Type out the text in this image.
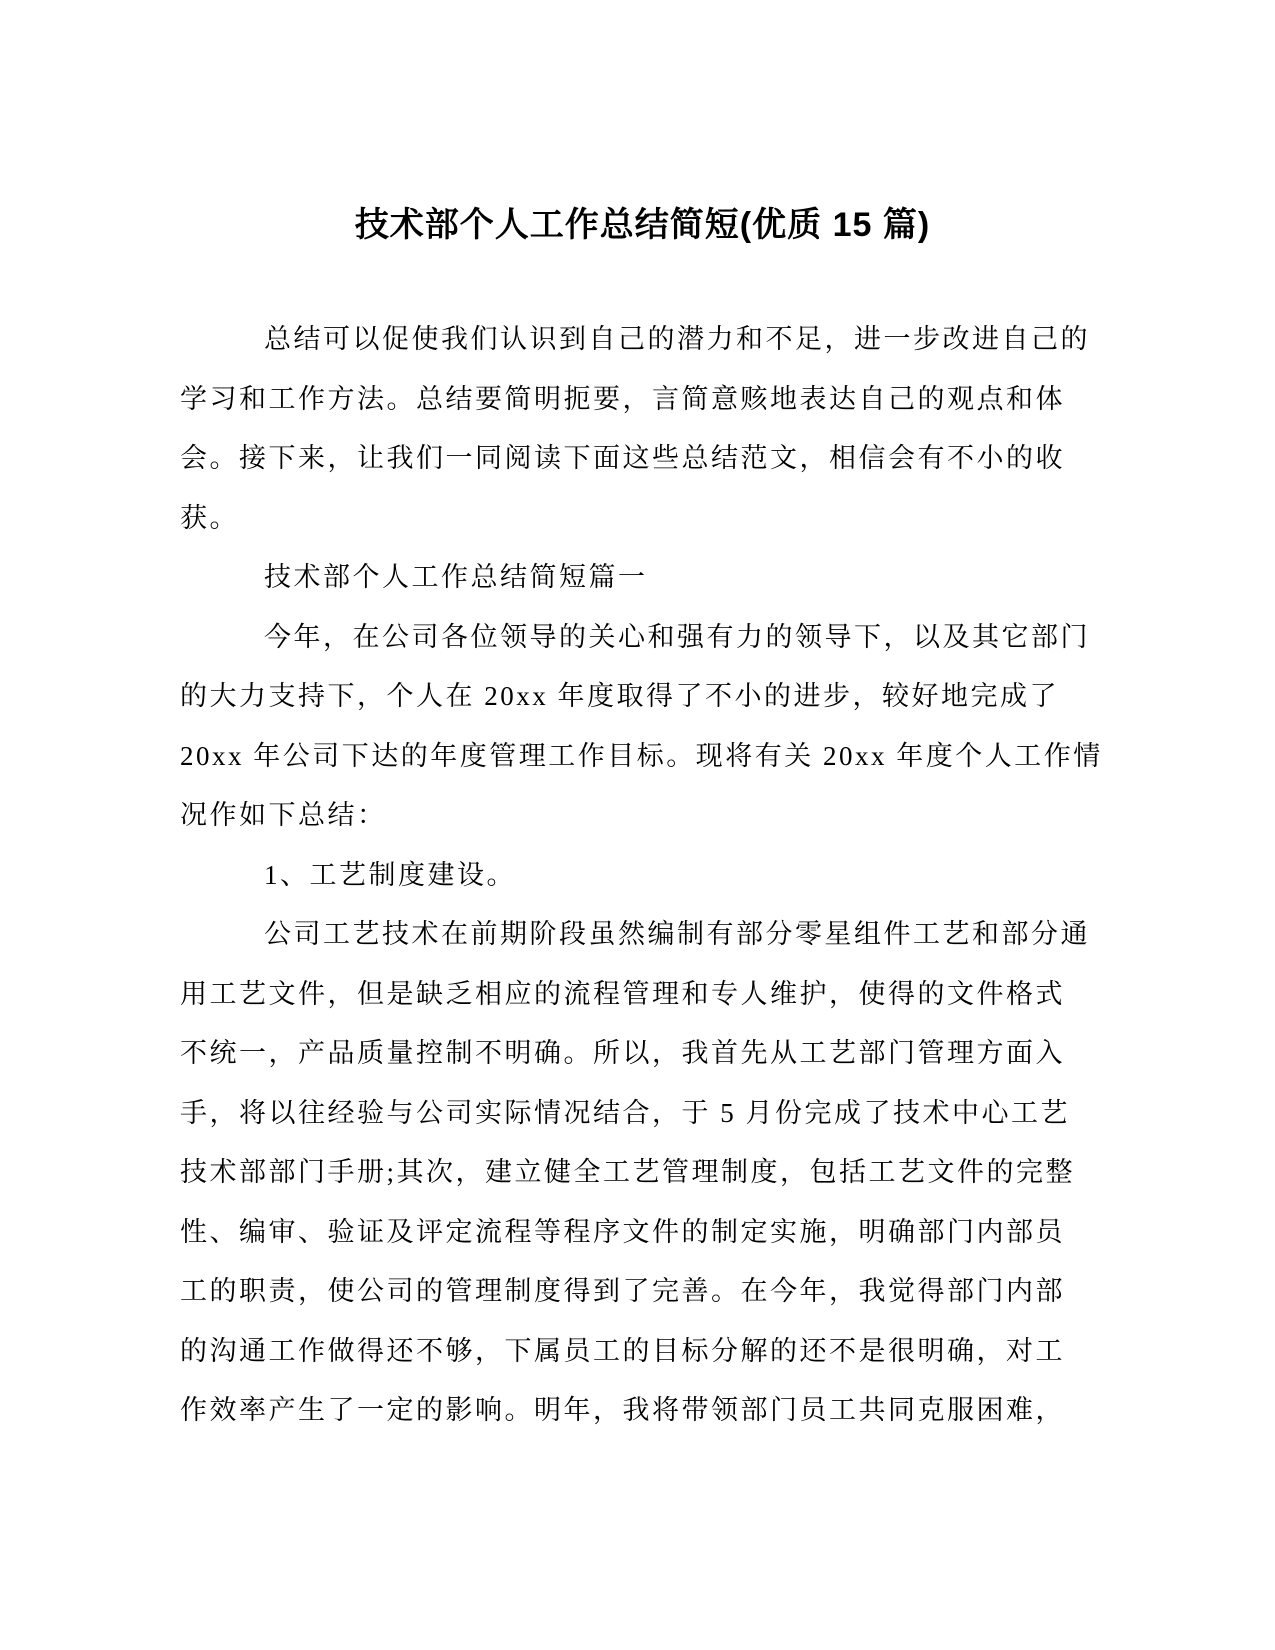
技术部个人工作总结简短(优质 15 篇)

总结可以促使我们认识到自己的潜力和不足，进一步改进自己的
学习和工作方法。总结要简明扼要，言简意赅地表达自己的观点和体
会。接下来，让我们一同阅读下面这些总结范文，相信会有不小的收
获。

技术部个人工作总结简短篇一

今年，在公司各位领导的关心和强有力的领导下，以及其它部门
的大力支持下，个人在 20xx 年度取得了不小的进步，较好地完成了
20xx 年公司下达的年度管理工作目标。现将有关 20xx 年度个人工作情
况作如下总结：

1、工艺制度建设。

公司工艺技术在前期阶段虽然编制有部分零星组件工艺和部分通
用工艺文件，但是缺乏相应的流程管理和专人维护，使得的文件格式
不统一，产品质量控制不明确。所以，我首先从工艺部门管理方面入
手，将以往经验与公司实际情况结合，于 5 月份完成了技术中心工艺
技术部部门手册;其次，建立健全工艺管理制度，包括工艺文件的完整
性、编审、验证及评定流程等程序文件的制定实施，明确部门内部员
工的职责，使公司的管理制度得到了完善。在今年，我觉得部门内部
的沟通工作做得还不够，下属员工的目标分解的还不是很明确，对工
作效率产生了一定的影响。明年，我将带领部门员工共同克服困难，
